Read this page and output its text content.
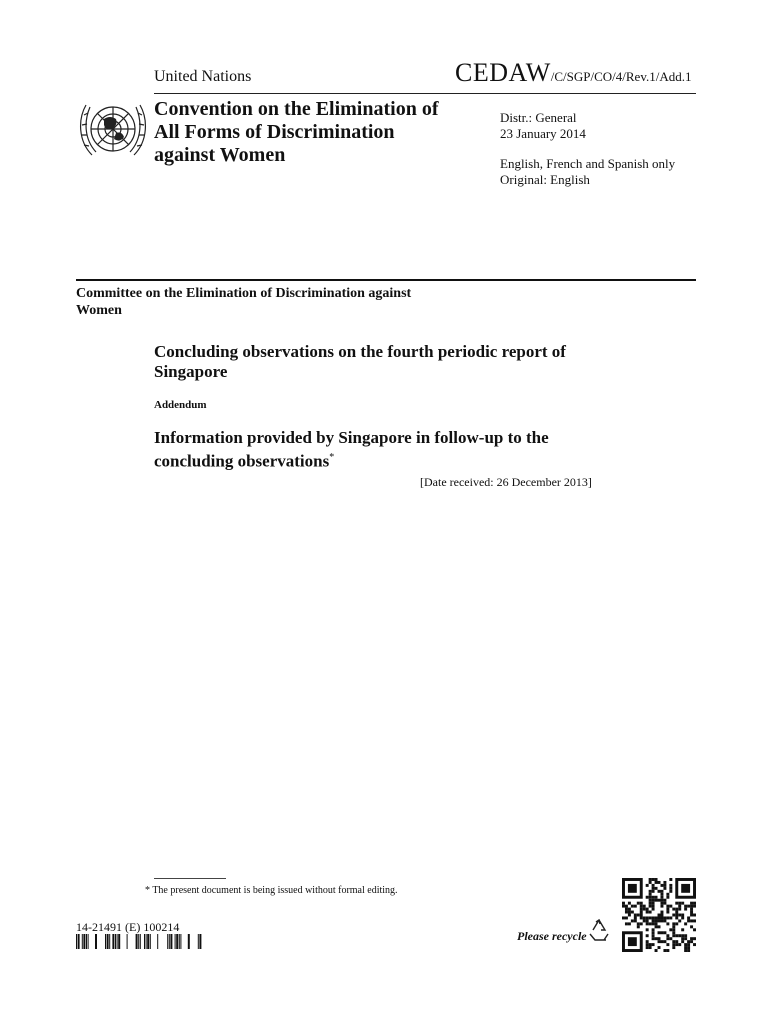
United Nations	CEDAW/C/SGP/CO/4/Rev.1/Add.1
Convention on the Elimination of All Forms of Discrimination against Women
Distr.: General
23 January 2014
English, French and Spanish only
Original: English
Committee on the Elimination of Discrimination against Women
Concluding observations on the fourth periodic report of Singapore
Addendum
Information provided by Singapore in follow-up to the concluding observations*
[Date received: 26 December 2013]
* The present document is being issued without formal editing.
14-21491 (E) 100214
Please recycle
